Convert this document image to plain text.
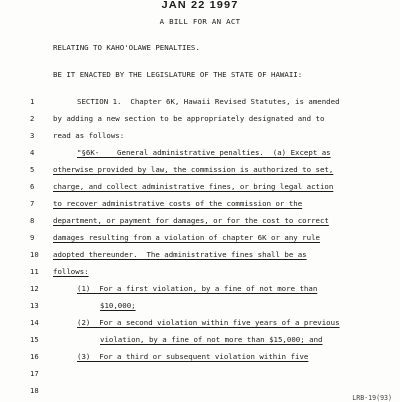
JAN 22 1997
A BILL FOR AN ACT
RELATING TO KAHO'OLAWE PENALTIES.
BE IT ENACTED BY THE LEGISLATURE OF THE STATE OF HAWAII:
1	SECTION 1.  Chapter 6K, Hawaii Revised Statutes, is amended
2	by adding a new section to be appropriately designated and to
3	read as follows:
4	"§6K-    General administrative penalties.  (a) Except as
5	otherwise provided by law, the commission is authorized to set,
6	charge, and collect administrative fines, or bring legal action
7	to recover administrative costs of the commission or the
8	department, or payment for damages, or for the cost to correct
9	damages resulting from a violation of chapter 6K or any rule
10	adopted thereunder.  The administrative fines shall be as
11	follows:
12	(1)  For a first violation, by a fine of not more than
13	$10,000;
14	(2)  For a second violation within five years of a previous
15	violation, by a fine of not more than $15,000; and
16	(3)  For a third or subsequent violation within five
17
18
LRB-19(93)
